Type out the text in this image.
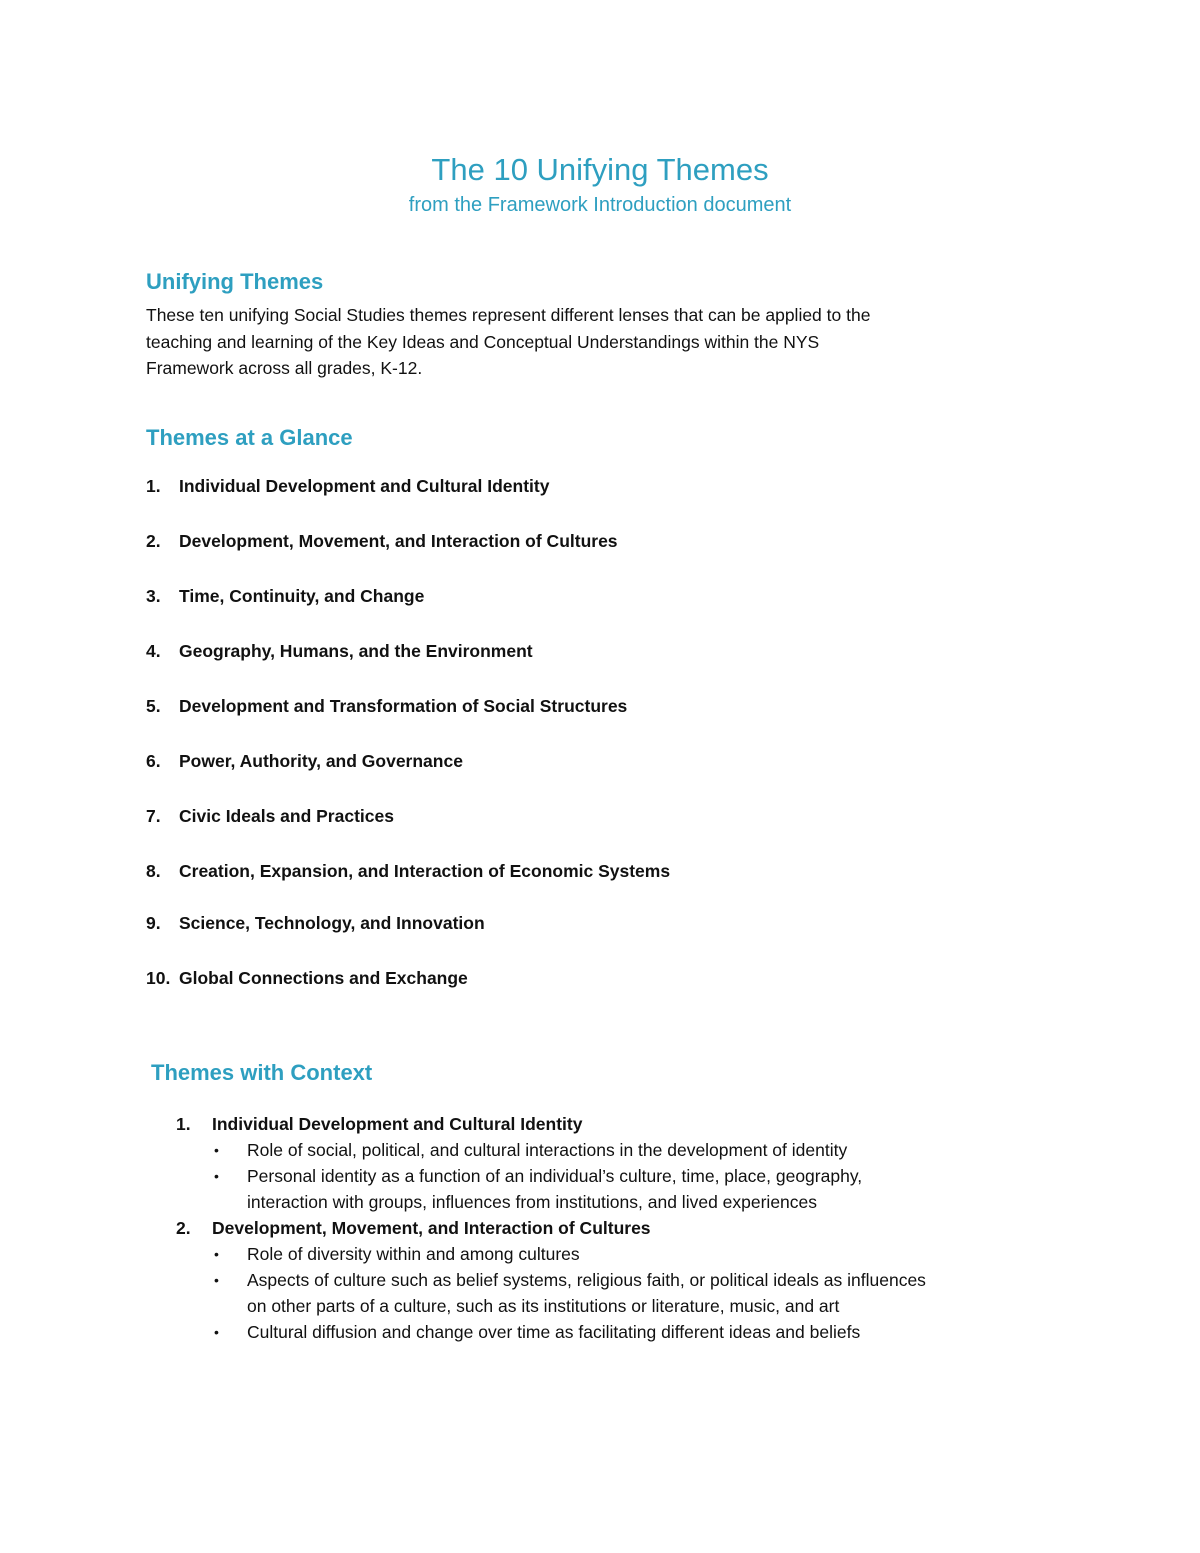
The 10 Unifying Themes
from the Framework Introduction document
Unifying Themes
These ten unifying Social Studies themes represent different lenses that can be applied to the
teaching and learning of the Key Ideas and Conceptual Understandings within the NYS
Framework across all grades, K-12.
Themes at a Glance
1. Individual Development and Cultural Identity
2. Development, Movement, and Interaction of Cultures
3. Time, Continuity, and Change
4. Geography, Humans, and the Environment
5. Development and Transformation of Social Structures
6. Power, Authority, and Governance
7. Civic Ideals and Practices
8. Creation, Expansion, and Interaction of Economic Systems
9. Science, Technology, and Innovation
10. Global Connections and Exchange
Themes with Context
1. Individual Development and Cultural Identity
• Role of social, political, and cultural interactions in the development of identity
• Personal identity as a function of an individual’s culture, time, place, geography, interaction with groups, influences from institutions, and lived experiences
2. Development, Movement, and Interaction of Cultures
• Role of diversity within and among cultures
• Aspects of culture such as belief systems, religious faith, or political ideals as influences on other parts of a culture, such as its institutions or literature, music, and art
• Cultural diffusion and change over time as facilitating different ideas and beliefs
